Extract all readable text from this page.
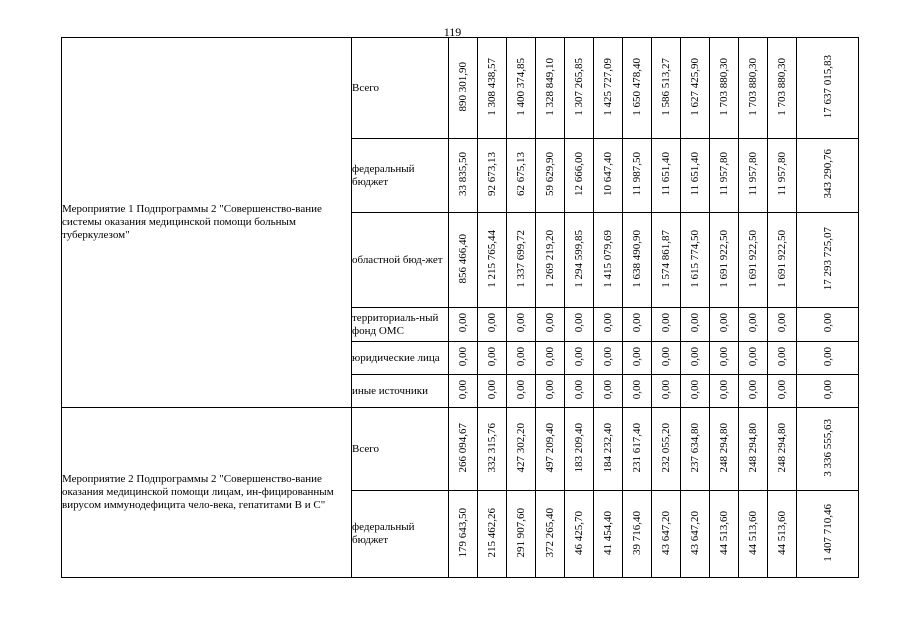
119
Мероприятие 1 Подпрограммы 2 "Совершенство-вание системы оказания медицинской помощи больным туберкулезом"	Всего	890 301,90	1 308 438,57	1 400 374,85	1 328 849,10	1 307 265,85	1 425 727,09	1 650 478,40	1 586 513,27	1 627 425,90	1 703 880,30	1 703 880,30	1 703 880,30	17 637 015,83
	федеральный бюджет	33 835,50	92 673,13	62 675,13	59 629,90	12 666,00	10 647,40	11 987,50	11 651,40	11 651,40	11 957,80	11 957,80	11 957,80	343 290,76
	областной бюд-жет	856 466,40	1 215 765,44	1 337 699,72	1 269 219,20	1 294 599,85	1 415 079,69	1 638 490,90	1 574 861,87	1 615 774,50	1 691 922,50	1 691 922,50	1 691 922,50	17 293 725,07
	территориаль-ный фонд ОМС	0,00	0,00	0,00	0,00	0,00	0,00	0,00	0,00	0,00	0,00	0,00	0,00	0,00
	юридические лица	0,00	0,00	0,00	0,00	0,00	0,00	0,00	0,00	0,00	0,00	0,00	0,00	0,00
	иные источники	0,00	0,00	0,00	0,00	0,00	0,00	0,00	0,00	0,00	0,00	0,00	0,00	0,00
Мероприятие 2 Подпрограммы 2 "Совершенство-вание оказания медицинской помощи лицам, ин-фицированным вирусом иммунодефицита чело-века, гепатитами В и С"	Всего	266 094,67	332 315,76	427 302,20	497 209,40	183 209,40	184 232,40	231 617,40	232 055,20	237 634,80	248 294,80	248 294,80	248 294,80	3 336 555,63
	федеральный бюджет	179 643,50	215 462,26	291 907,60	372 265,40	46 425,70	41 454,40	39 716,40	43 647,20	43 647,20	44 513,60	44 513,60	44 513,60	1 407 710,46
